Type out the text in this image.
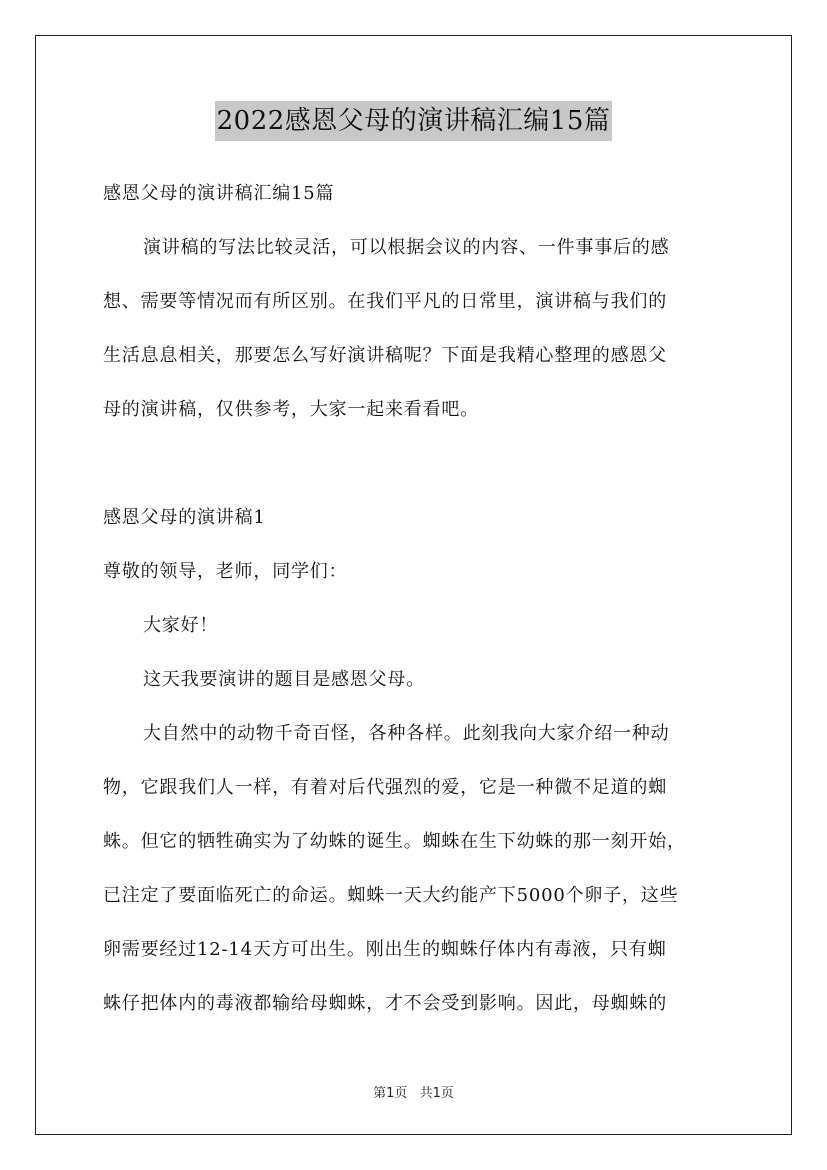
2022感恩父母的演讲稿汇编15篇

感恩父母的演讲稿汇编15篇

演讲稿的写法比较灵活，可以根据会议的内容、一件事事后的感

想、需要等情况而有所区别。在我们平凡的日常里，演讲稿与我们的

生活息息相关，那要怎么写好演讲稿呢？下面是我精心整理的感恩父

母的演讲稿，仅供参考，大家一起来看看吧。

感恩父母的演讲稿1

尊敬的领导，老师，同学们：

大家好！

这天我要演讲的题目是感恩父母。

大自然中的动物千奇百怪，各种各样。此刻我向大家介绍一种动

物，它跟我们人一样，有着对后代强烈的爱，它是一种微不足道的蜘

蛛。但它的牺牲确实为了幼蛛的诞生。蜘蛛在生下幼蛛的那一刻开始，

已注定了要面临死亡的命运。蜘蛛一天大约能产下5000个卵子，这些

卵需要经过12-14天方可出生。刚出生的蜘蛛仔体内有毒液，只有蜘

蛛仔把体内的毒液都输给母蜘蛛，才不会受到影响。因此，母蜘蛛的

第1页 共1页
